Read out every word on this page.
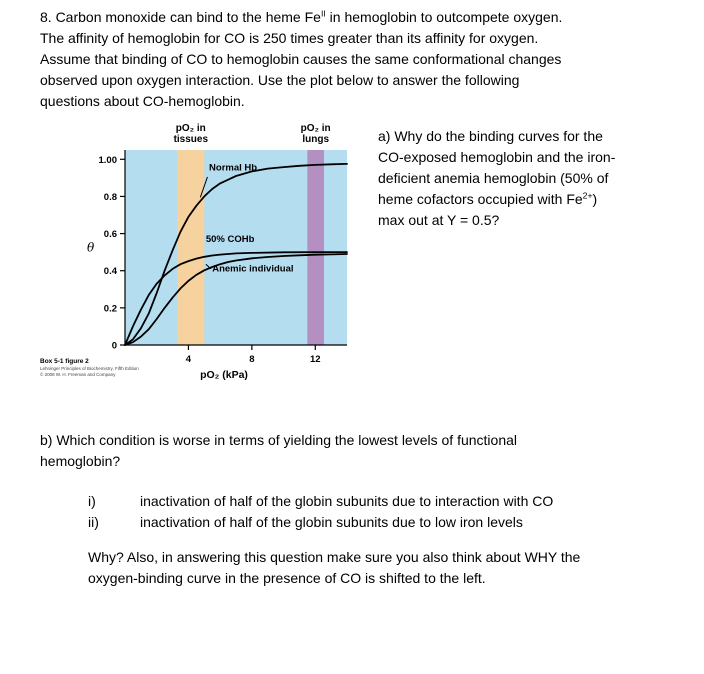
8. Carbon monoxide can bind to the heme $Fe^{II}$ in hemoglobin to outcompete oxygen.
The affinity of hemoglobin for CO is 250 times greater than its affinity for oxygen.
Assume that binding of CO to hemoglobin causes the same conformational changes
observed upon oxygen interaction. Use the plot below to answer the following
questions about CO-hemoglobin.
pO₂ in tissues
pO₂ in lungs
1.00
0.8
0.6
0.4
0.2
0
4	8	12
pO₂ (kPa)
θ
Normal Hb
50% COHb
Anemic individual
Box 5-1 figure 2
Lehninger Principles of Biochemistry, Fifth Edition
© 2008 W. H. Freeman and Company
a) Why do the binding curves for the
CO-exposed hemoglobin and the iron-
deficient anemia hemoglobin (50% of
heme cofactors occupied with $Fe^{2+}$)
max out at Y = 0.5?
b) Which condition is worse in terms of yielding the lowest levels of functional
hemoglobin?
i)	inactivation of half of the globin subunits due to interaction with CO
ii)	inactivation of half of the globin subunits due to low iron levels
Why? Also, in answering this question make sure you also think about WHY the
oxygen-binding curve in the presence of CO is shifted to the left.
